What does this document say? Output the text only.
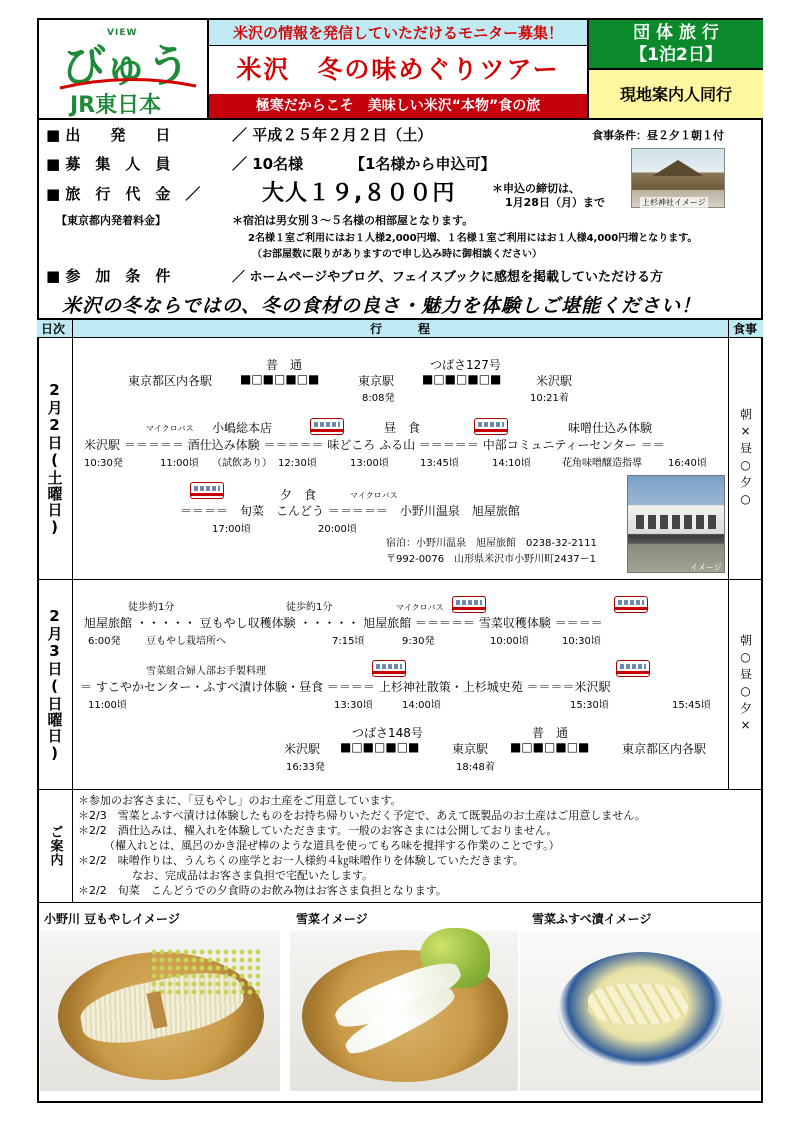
VIEW
びゅう
JR東日本
米沢の情報を発信していただけるモニター募集！
米沢　冬の味めぐりツアー
極寒だからこそ　美味しい米沢“本物”食の旅
団 体 旅 行
【1泊2日】
現地案内人同行
■ 出　　発　　日	／ 平成２５年２月２日（土）	食事条件：昼２夕１朝１付
■ 募　集　人　員	／ 10名様	【1名様から申込可】
■ 旅　行　代　金　／	大人１９,８００円	＊申込の締切は、
1月28日（月）まで	上杉神社イメージ
【東京都内発着料金】	＊宿泊は男女別３～５名様の相部屋となります。
2名様１室ご利用にはお１人様2,000円増、１名様１室ご利用にはお１人様4,000円増となります。
（お部屋数に限りがありますので申し込み時に御相談ください）
■ 参　加　条　件	／ ホームページやブログ、フェイスブックに感想を掲載していただける方
米沢の冬ならではの、冬の食材の良さ・魅力を体験しご堪能ください！
日次	行　　　程	食事
2月2日(土曜日)	朝×昼○夕○
普　通	つばさ127号
東京都区内各駅 ■□■□■□■	東京駅 ■□■□■□■	米沢駅
8:08発	10:21着
マイクロバス 小嶋総本店	昼　食	味噌仕込み体験
米沢駅 ＝＝＝＝＝ 酒仕込み体験 ＝＝＝＝＝ 味どころ ふる山 ＝＝＝＝＝ 中部コミュニティーセンター ＝＝
10:30発	11:00頃 （試飲あり） 12:30頃	13:00頃	13:45頃	14:10頃	花角味噌醸造指導	16:40頃
夕　食	マイクロバス
＝＝＝＝　旬菜　こんどう ＝＝＝＝＝　小野川温泉　旭屋旅館
17:00頃	20:00頃
宿泊：小野川温泉　旭屋旅館　0238-32-2111
〒992-0076　山形県米沢市小野川町2437ー1
イメージ
2月3日(日曜日)	朝○昼○夕×
徒歩約1分	徒歩約1分	マイクロバス
旭屋旅館 ・・・・・ 豆もやし収穫体験 ・・・・・ 旭屋旅館 ＝＝＝＝＝ 雪菜収穫体験 ＝＝＝＝
6:00発	豆もやし栽培所へ	7:15頃	9:30発	10:00頃	10:30頃
雪菜組合婦人部お手製料理
＝ すこやかセンター・ふすべ漬け体験・昼食 ＝＝＝＝ 上杉神社散策・上杉城史苑 ＝＝＝＝米沢駅
11:00頃	13:30頃	14:00頃	15:30頃	15:45頃
つばさ148号	普　通
米沢駅 ■□■□■□■	東京駅 ■□■□■□■	東京都区内各駅
16:33発	18:48着
ご案内
＊参加のお客さまに、「豆もやし」のお土産をご用意しています。
＊2/3　雪菜とふすべ漬けは体験したものをお持ち帰りいただく予定で、あえて既製品のお土産はご用意しません。
＊2/2　酒仕込みは、櫂入れを体験していただきます。一般のお客さまには公開しておりません。
（櫂入れとは、風呂のかき混ぜ棒のような道具を使ってもろ味を撹拌する作業のことです。）
＊2/2　味噌作りは、うんちくの座学とお一人様約４㎏味噌作りを体験していただきます。
なお、完成品はお客さま負担で宅配いたします。
＊2/2　旬菜　こんどうでの夕食時のお飲み物はお客さま負担となります。
小野川 豆もやしイメージ	雪菜イメージ	雪菜ふすべ漬イメージ
